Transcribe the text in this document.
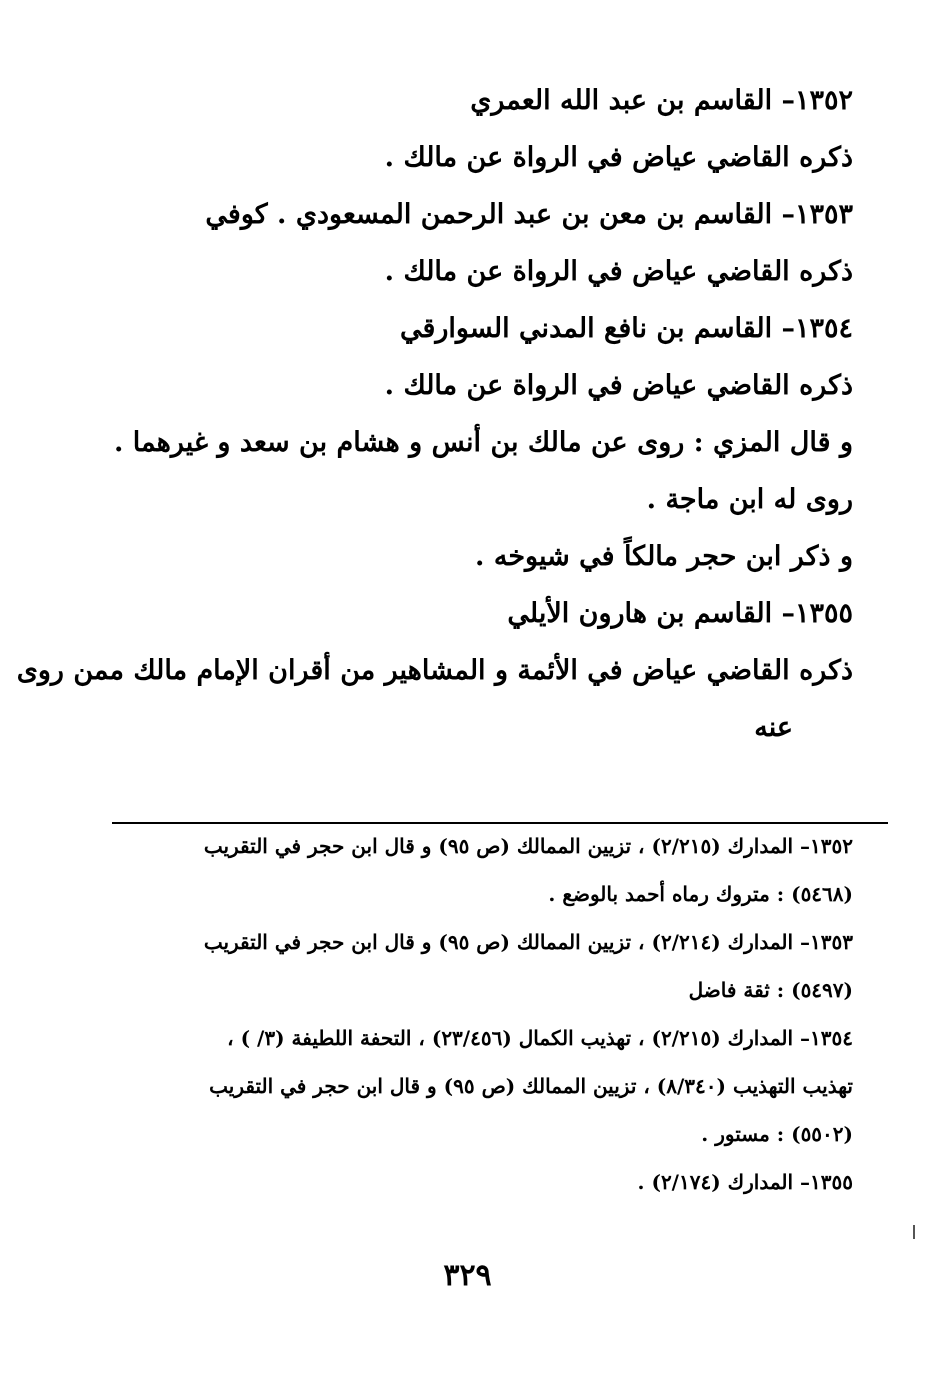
١٣٥٢– القاسم بن عبد الله العمري
ذكره القاضي عياض في الرواة عن مالك .
١٣٥٣– القاسم بن معن بن عبد الرحمن المسعودي . كوفي
ذكره القاضي عياض في الرواة عن مالك .
١٣٥٤– القاسم بن نافع المدني السوارقي
ذكره القاضي عياض في الرواة عن مالك .
و قال المزي : روى عن مالك بن أنس و هشام بن سعد و غيرهما .
روى له ابن ماجة .
و ذكر ابن حجر مالكاً في شيوخه .
١٣٥٥– القاسم بن هارون الأيلي
ذكره القاضي عياض في الأئمة و المشاهير من أقران الإمام مالك ممن روى
عنه
١٣٥٢– المدارك (٢/٢١٥) ، تزيين الممالك (ص ٩٥) و قال ابن حجر في التقريب
(٥٤٦٨) : متروك رماه أحمد بالوضع .
١٣٥٣– المدارك (٢/٢١٤) ، تزيين الممالك (ص ٩٥) و قال ابن حجر في التقريب
(٥٤٩٧) : ثقة فاضل
١٣٥٤– المدارك (٢/٢١٥) ، تهذيب الكمال (٢٣/٤٥٦) ، التحفة اللطيفة (٣/ ) ،
تهذيب التهذيب (٨/٣٤٠) ، تزيين الممالك (ص ٩٥) و قال ابن حجر في التقريب
(٥٥٠٢) : مستور .
١٣٥٥– المدارك (٢/١٧٤) .
٣٢٩
